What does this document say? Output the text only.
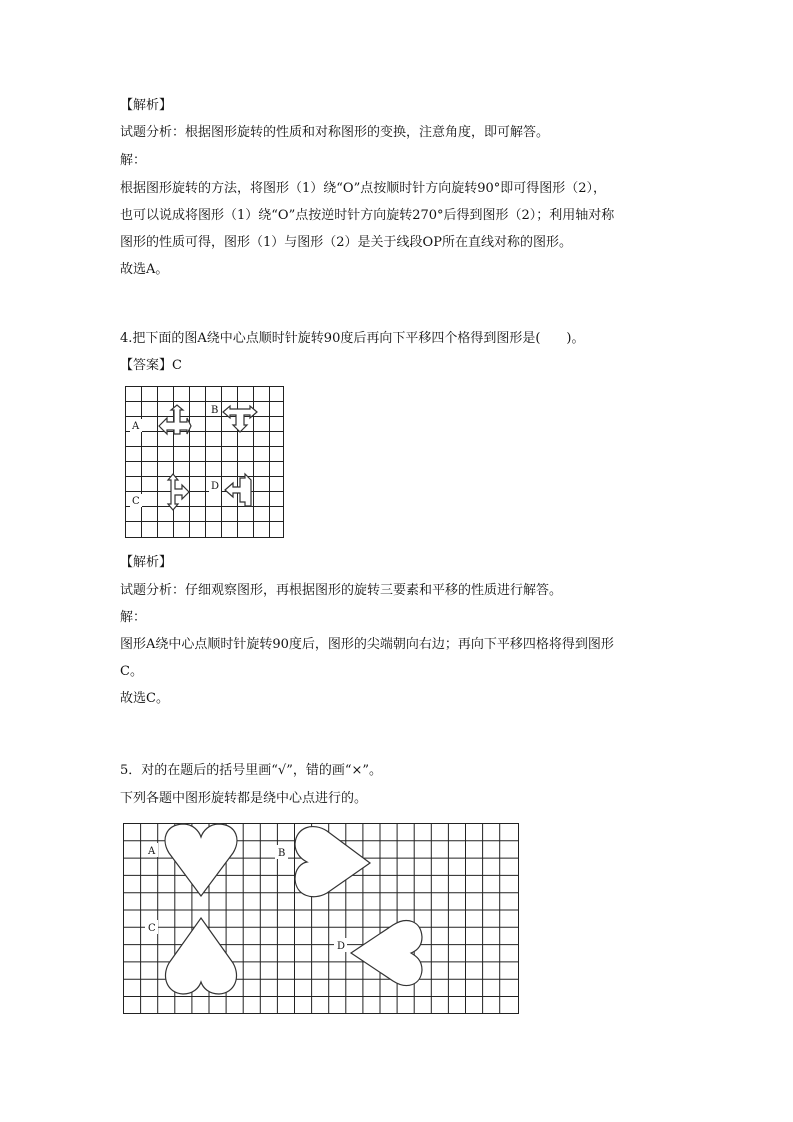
【解析】
试题分析：根据图形旋转的性质和对称图形的变换，注意角度，即可解答。
解：
根据图形旋转的方法，将图形（1）绕“O”点按顺时针方向旋转90°即可得图形（2），
也可以说成将图形（1）绕“O”点按逆时针方向旋转270°后得到图形（2）；利用轴对称
图形的性质可得，图形（1）与图形（2）是关于线段OP所在直线对称的图形。
故选A。
4.把下面的图A绕中心点顺时针旋转90度后再向下平移四个格得到图形是(　　)。
【答案】C
A
B
C
D
【解析】
试题分析：仔细观察图形，再根据图形的旋转三要素和平移的性质进行解答。
解：
图形A绕中心点顺时针旋转90度后，图形的尖端朝向右边；再向下平移四格将得到图形
C。
故选C。
5．对的在题后的括号里画“√”，错的画“×”。
下列各题中图形旋转都是绕中心点进行的。
A	B
C
D
